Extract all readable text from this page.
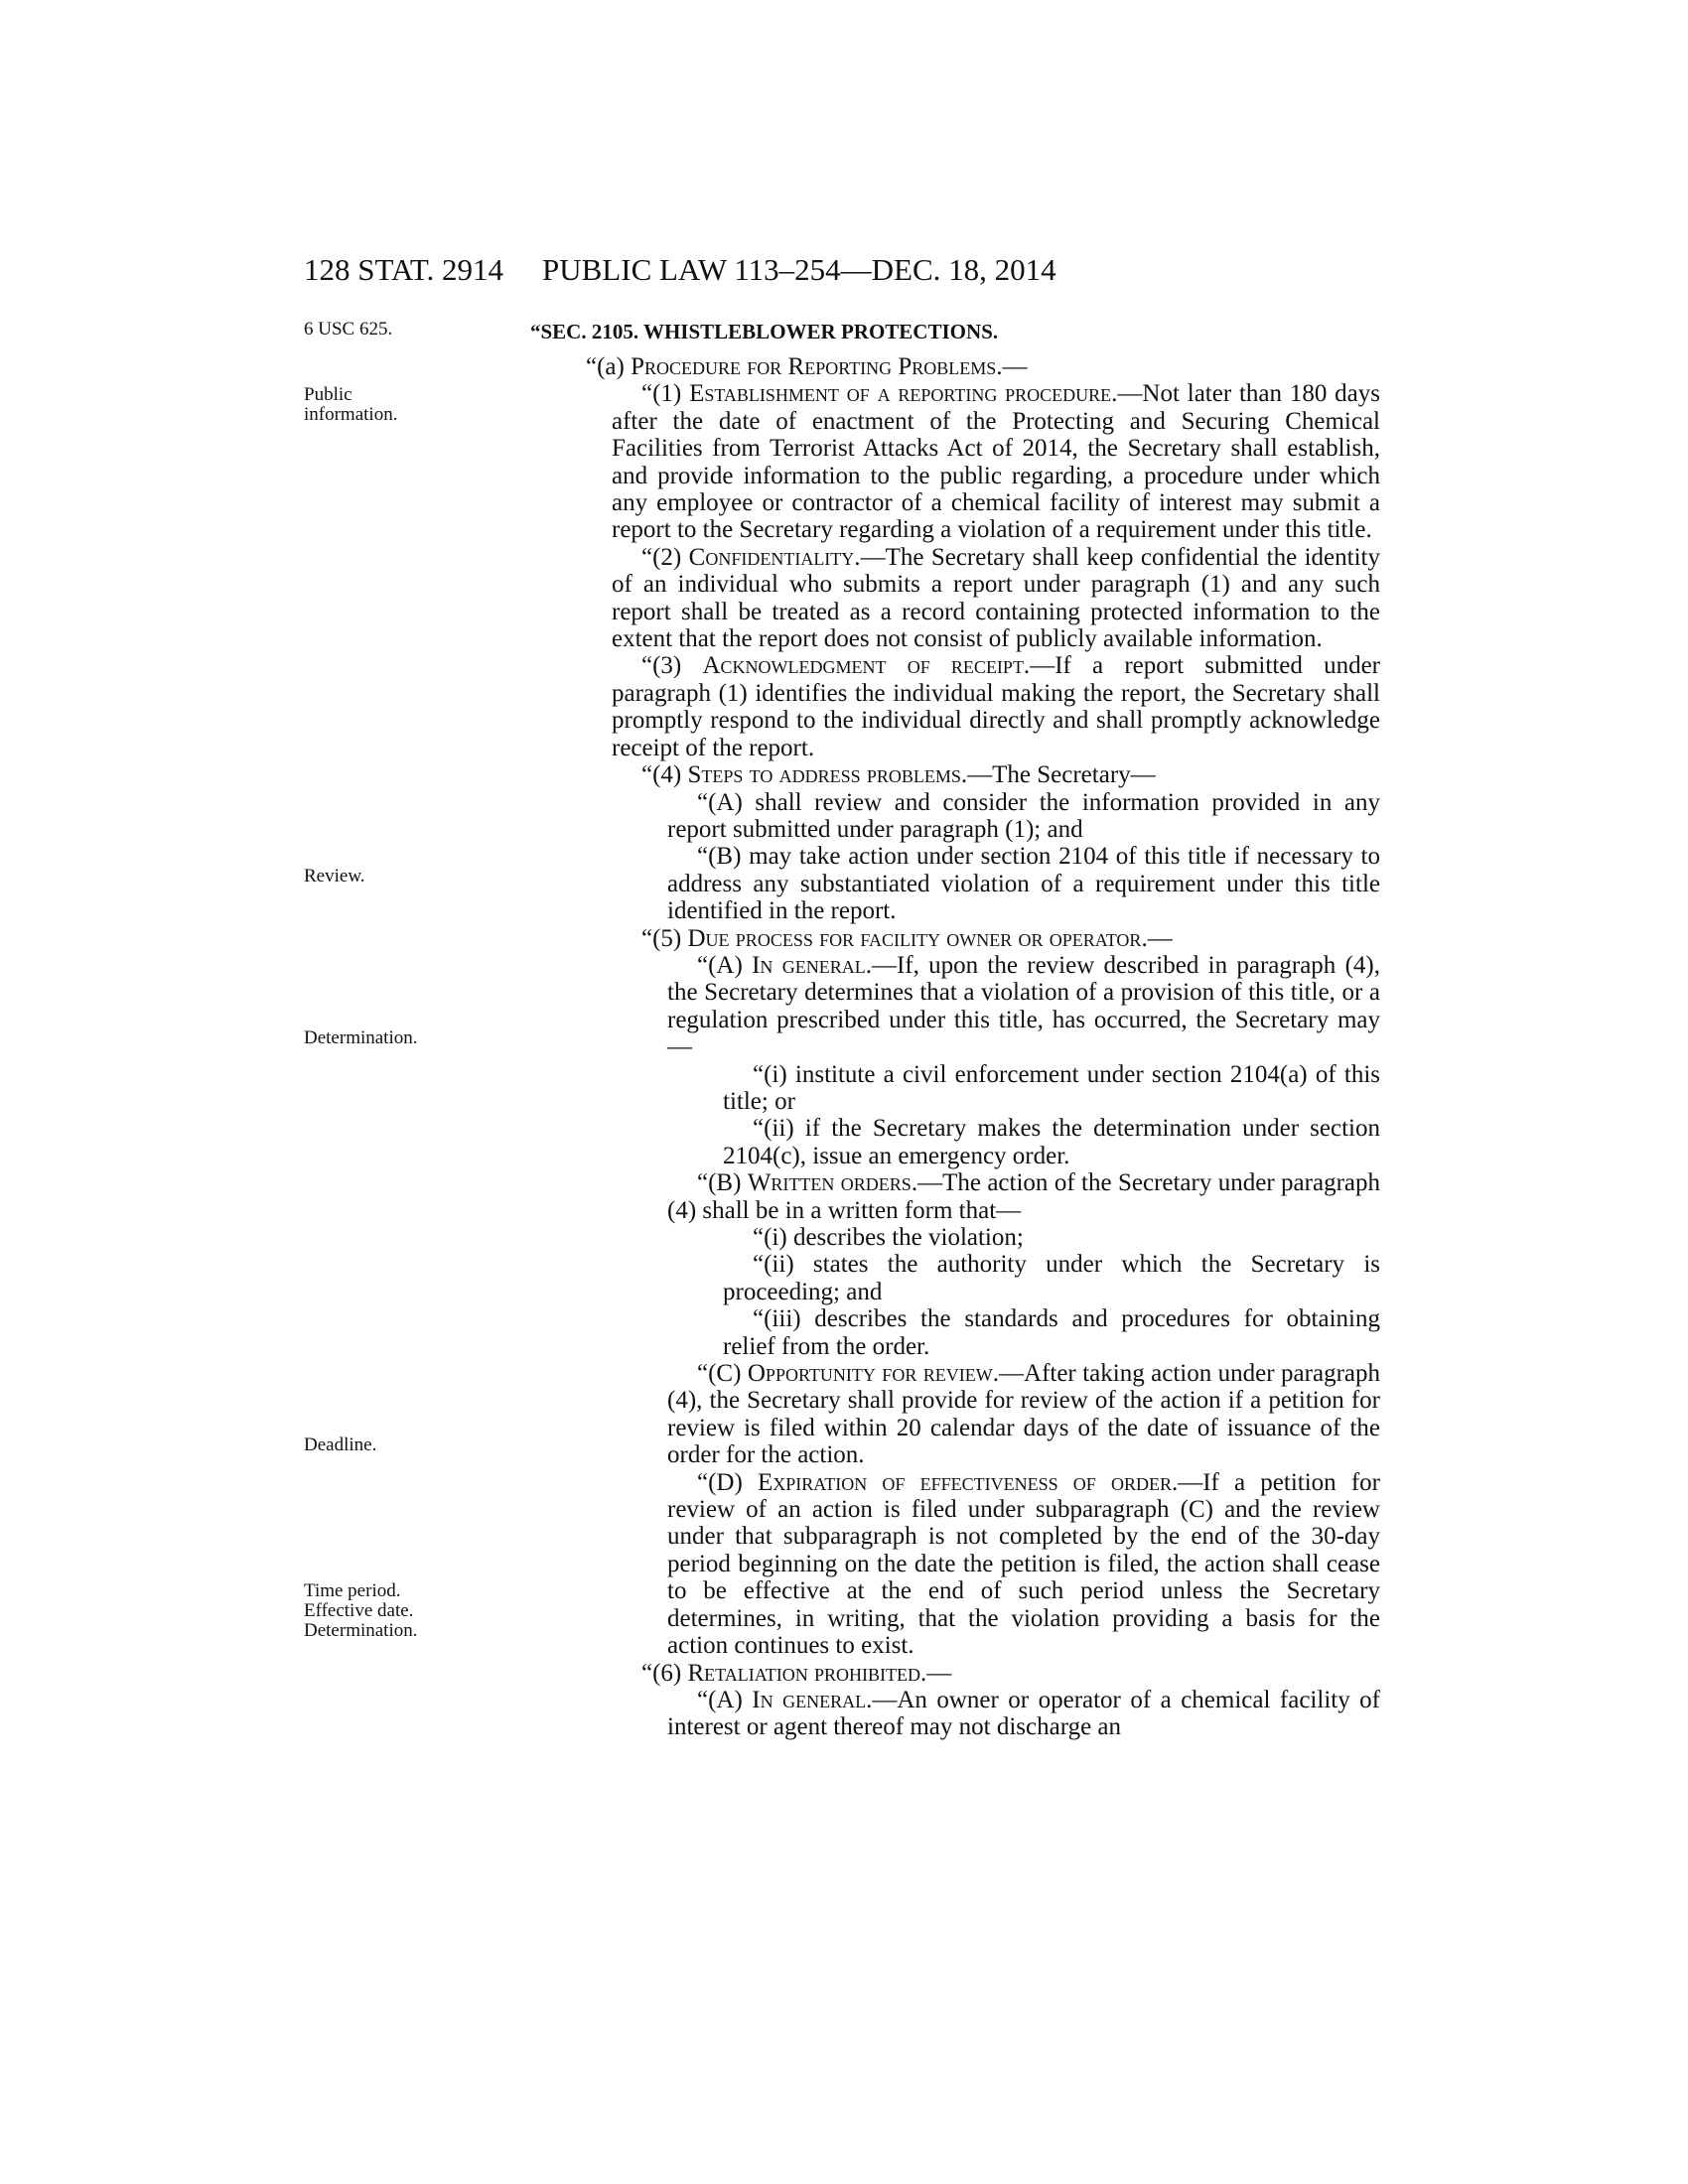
128 STAT. 2914 PUBLIC LAW 113–254—DEC. 18, 2014
6 USC 625.
Public
information.
Review.
Determination.
Deadline.
Time period.
Effective date.
Determination.
“SEC. 2105. WHISTLEBLOWER PROTECTIONS.

“(a) Procedure for Reporting Problems.—

“(1) Establishment of a reporting procedure.—Not later than 180 days after the date of enactment of the Protecting and Securing Chemical Facilities from Terrorist Attacks Act of 2014, the Secretary shall establish, and provide information to the public regarding, a procedure under which any employee or contractor of a chemical facility of interest may submit a report to the Secretary regarding a violation of a requirement under this title.

“(2) Confidentiality.—The Secretary shall keep confidential the identity of an individual who submits a report under paragraph (1) and any such report shall be treated as a record containing protected information to the extent that the report does not consist of publicly available information.

“(3) Acknowledgment of receipt.—If a report submitted under paragraph (1) identifies the individual making the report, the Secretary shall promptly respond to the individual directly and shall promptly acknowledge receipt of the report.

“(4) Steps to address problems.—The Secretary—

“(A) shall review and consider the information provided in any report submitted under paragraph (1); and

“(B) may take action under section 2104 of this title if necessary to address any substantiated violation of a requirement under this title identified in the report.

“(5) Due process for facility owner or operator.—

“(A) In general.—If, upon the review described in paragraph (4), the Secretary determines that a violation of a provision of this title, or a regulation prescribed under this title, has occurred, the Secretary may—

“(i) institute a civil enforcement under section 2104(a) of this title; or

“(ii) if the Secretary makes the determination under section 2104(c), issue an emergency order.

“(B) Written orders.—The action of the Secretary under paragraph (4) shall be in a written form that—

“(i) describes the violation;

“(ii) states the authority under which the Secretary is proceeding; and

“(iii) describes the standards and procedures for obtaining relief from the order.

“(C) Opportunity for review.—After taking action under paragraph (4), the Secretary shall provide for review of the action if a petition for review is filed within 20 calendar days of the date of issuance of the order for the action.

“(D) Expiration of effectiveness of order.—If a petition for review of an action is filed under subparagraph (C) and the review under that subparagraph is not completed by the end of the 30-day period beginning on the date the petition is filed, the action shall cease to be effective at the end of such period unless the Secretary determines, in writing, that the violation providing a basis for the action continues to exist.

“(6) Retaliation prohibited.—

“(A) In general.—An owner or operator of a chemical facility of interest or agent thereof may not discharge an
